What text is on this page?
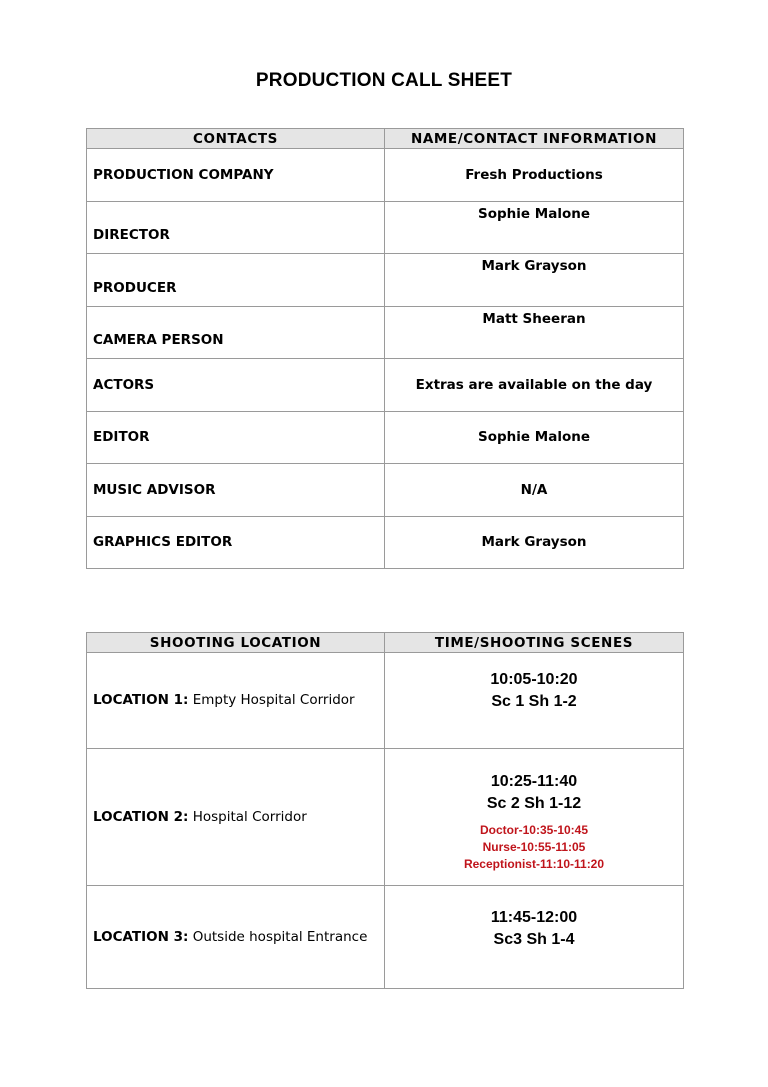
PRODUCTION CALL SHEET
CONTACTS	NAME/CONTACT INFORMATION
PRODUCTION COMPANY	Fresh Productions
DIRECTOR	Sophie Malone
PRODUCER	Mark Grayson
CAMERA PERSON	Matt Sheeran
ACTORS	Extras are available on the day
EDITOR	Sophie Malone
MUSIC ADVISOR	N/A
GRAPHICS EDITOR	Mark Grayson
SHOOTING LOCATION	TIME/SHOOTING SCENES
LOCATION 1: Empty Hospital Corridor	10:05-10:20
Sc 1 Sh 1-2

LOCATION 2: Hospital Corridor	10:25-11:40
Sc 2 Sh 1-12
Doctor-10:35-10:45
Nurse-10:55-11:05
Receptionist-11:10-11:20

LOCATION 3: Outside hospital Entrance	11:45-12:00
Sc3 Sh 1-4
